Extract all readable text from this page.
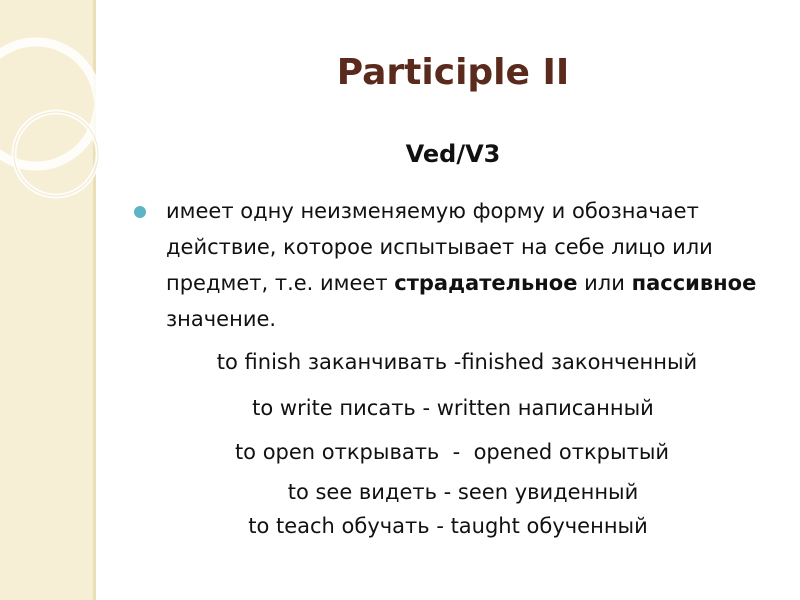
Participle II
Ved/V3
имеет одну неизменяемую форму и обозначает действие, которое испытывает на себе лицо или предмет, т.е. имеет страдательное или пассивное значение.
to finish заканчивать -finished законченный
to write писать - written написанный
to open открывать  -  opened открытый
to see видеть - seen увиденный
to teach обучать - taught обученный
